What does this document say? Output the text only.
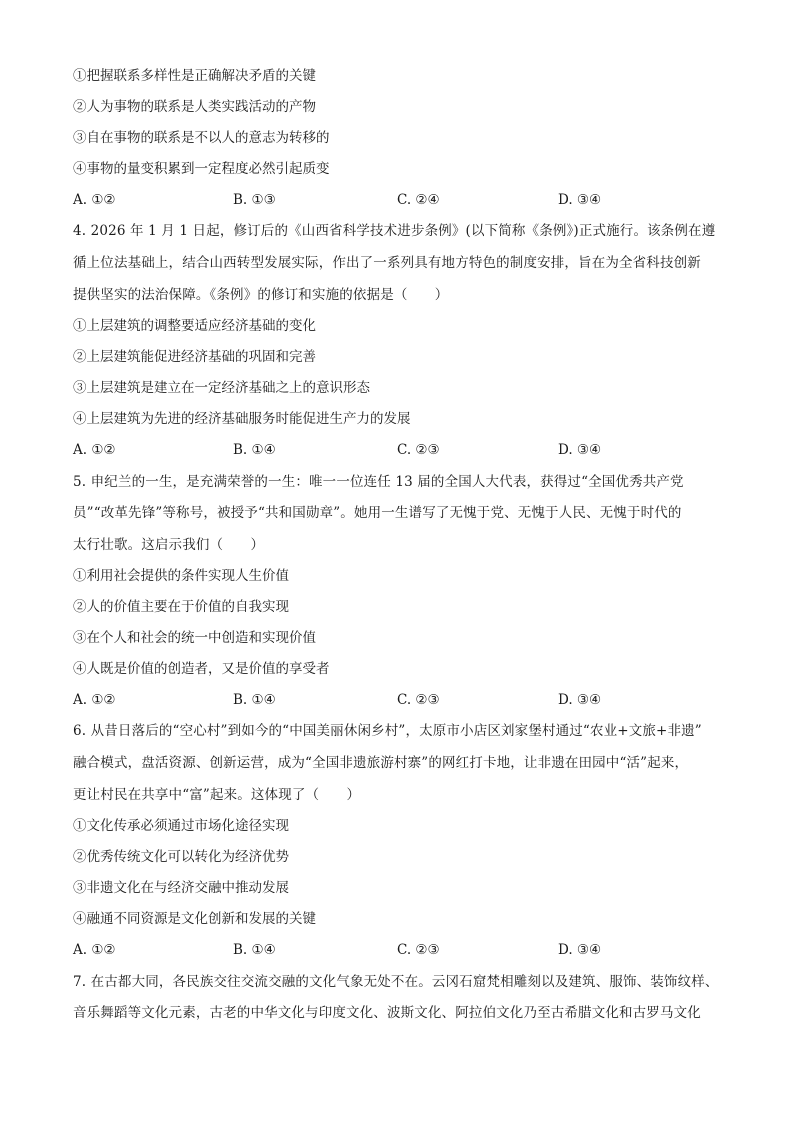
①把握联系多样性是正确解决矛盾的关键
②人为事物的联系是人类实践活动的产物
③自在事物的联系是不以人的意志为转移的
④事物的量变积累到一定程度必然引起质变
A. ①②	B. ①③	C. ②④	D. ③④
4. 2026 年 1 月 1 日起，修订后的《山西省科学技术进步条例》(以下简称《条例》)正式施行。该条例在遵
循上位法基础上，结合山西转型发展实际，作出了一系列具有地方特色的制度安排，旨在为全省科技创新
提供坚实的法治保障。《条例》的修订和实施的依据是（　　）
①上层建筑的调整要适应经济基础的变化
②上层建筑能促进经济基础的巩固和完善
③上层建筑是建立在一定经济基础之上的意识形态
④上层建筑为先进的经济基础服务时能促进生产力的发展
A. ①②	B. ①④	C. ②③	D. ③④
5. 申纪兰的一生，是充满荣誉的一生：唯一一位连任 13 届的全国人大代表，获得过“全国优秀共产党
员”“改革先锋”等称号，被授予“共和国勋章”。她用一生谱写了无愧于党、无愧于人民、无愧于时代的
太行壮歌。这启示我们（　　）
①利用社会提供的条件实现人生价值
②人的价值主要在于价值的自我实现
③在个人和社会的统一中创造和实现价值
④人既是价值的创造者，又是价值的享受者
A. ①②	B. ①④	C. ②③	D. ③④
6. 从昔日落后的“空心村”到如今的“中国美丽休闲乡村”，太原市小店区刘家堡村通过“农业+文旅+非遗”
融合模式，盘活资源、创新运营，成为“全国非遗旅游村寨”的网红打卡地，让非遗在田园中“活”起来，
更让村民在共享中“富”起来。这体现了（　　）
①文化传承必须通过市场化途径实现
②优秀传统文化可以转化为经济优势
③非遗文化在与经济交融中推动发展
④融通不同资源是文化创新和发展的关键
A. ①②	B. ①④	C. ②③	D. ③④
7. 在古都大同，各民族交往交流交融的文化气象无处不在。云冈石窟梵相雕刻以及建筑、服饰、装饰纹样、
音乐舞蹈等文化元素，古老的中华文化与印度文化、波斯文化、阿拉伯文化乃至古希腊文化和古罗马文化
